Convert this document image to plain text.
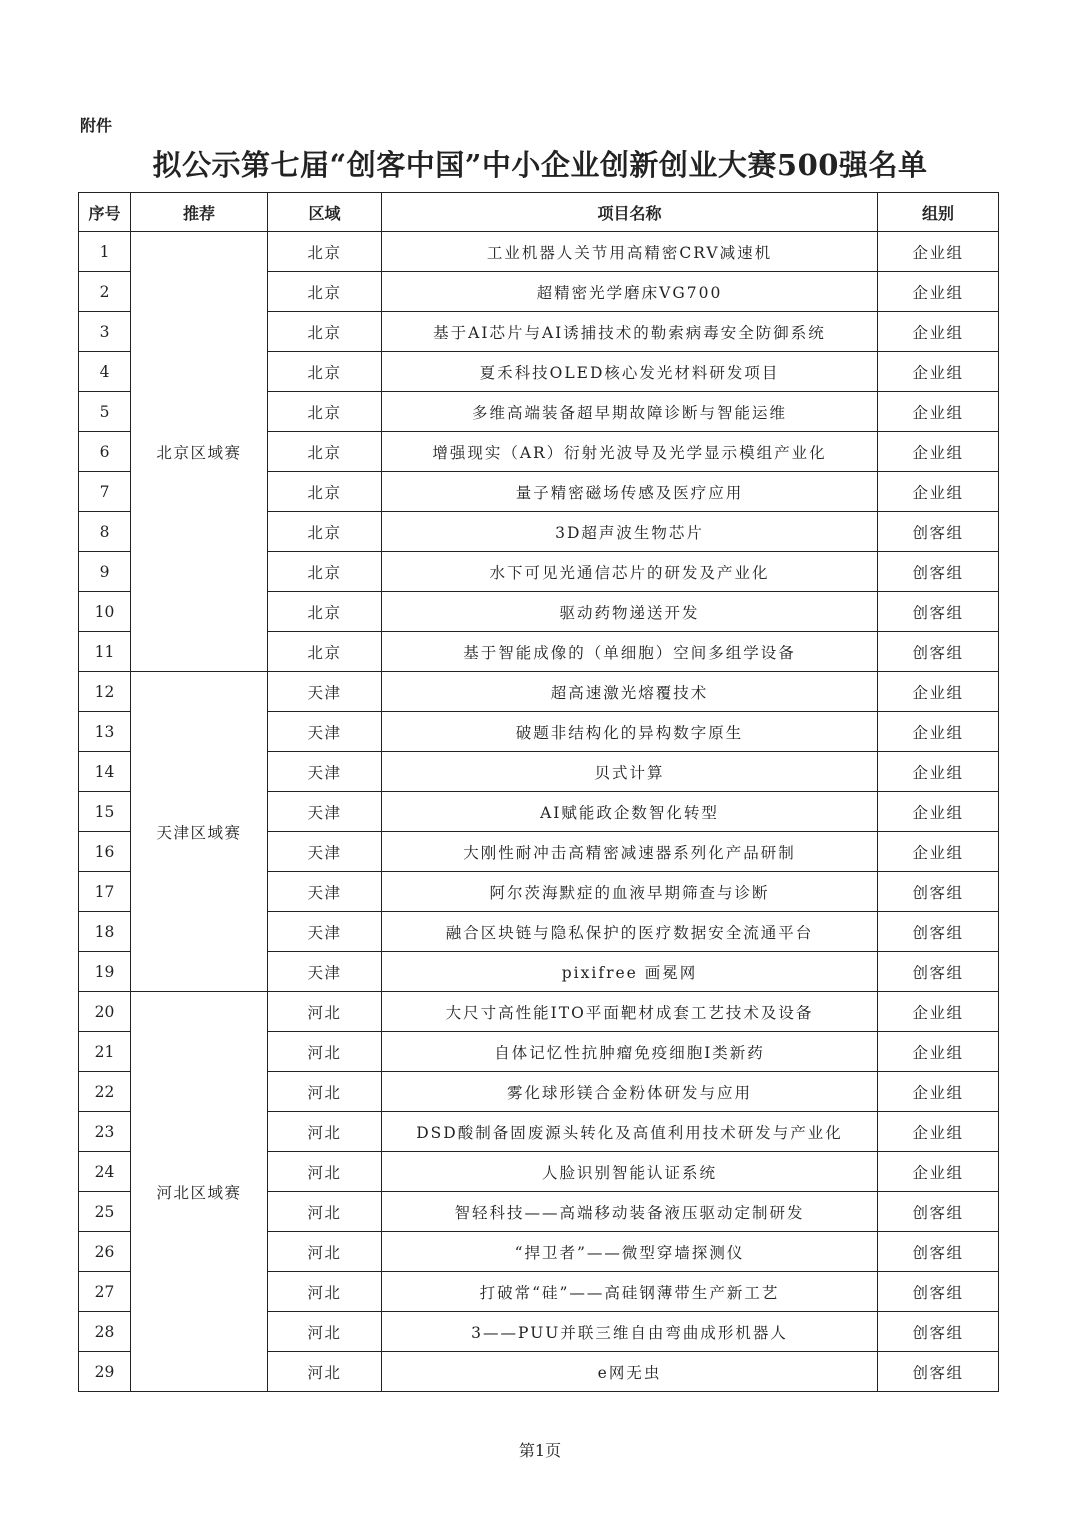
附件
拟公示第七届“创客中国”中小企业创新创业大赛500强名单
序号	推荐	区域	项目名称	组别
1	北京区域赛	北京	工业机器人关节用高精密CRV减速机	企业组
2		北京	超精密光学磨床VG700	企业组
3		北京	基于AI芯片与AI诱捕技术的勒索病毒安全防御系统	企业组
4		北京	夏禾科技OLED核心发光材料研发项目	企业组
5		北京	多维高端装备超早期故障诊断与智能运维	企业组
6		北京	增强现实（AR）衍射光波导及光学显示模组产业化	企业组
7		北京	量子精密磁场传感及医疗应用	企业组
8		北京	3D超声波生物芯片	创客组
9		北京	水下可见光通信芯片的研发及产业化	创客组
10		北京	驱动药物递送开发	创客组
11		北京	基于智能成像的（单细胞）空间多组学设备	创客组
12	天津区域赛	天津	超高速激光熔覆技术	企业组
13		天津	破题非结构化的异构数字原生	企业组
14		天津	贝式计算	企业组
15		天津	AI赋能政企数智化转型	企业组
16		天津	大刚性耐冲击高精密减速器系列化产品研制	企业组
17		天津	阿尔茨海默症的血液早期筛查与诊断	创客组
18		天津	融合区块链与隐私保护的医疗数据安全流通平台	创客组
19		天津	pixifree 画冕网	创客组
20	河北区域赛	河北	大尺寸高性能ITO平面靶材成套工艺技术及设备	企业组
21		河北	自体记忆性抗肿瘤免疫细胞Ⅰ类新药	企业组
22		河北	雾化球形镁合金粉体研发与应用	企业组
23		河北	DSD酸制备固废源头转化及高值利用技术研发与产业化	企业组
24		河北	人脸识别智能认证系统	企业组
25		河北	智轻科技——高端移动装备液压驱动定制研发	创客组
26		河北	“捍卫者”——微型穿墙探测仪	创客组
27		河北	打破常“硅”——高硅钢薄带生产新工艺	创客组
28		河北	3——PUU并联三维自由弯曲成形机器人	创客组
29		河北	e网无虫	创客组
第1页
